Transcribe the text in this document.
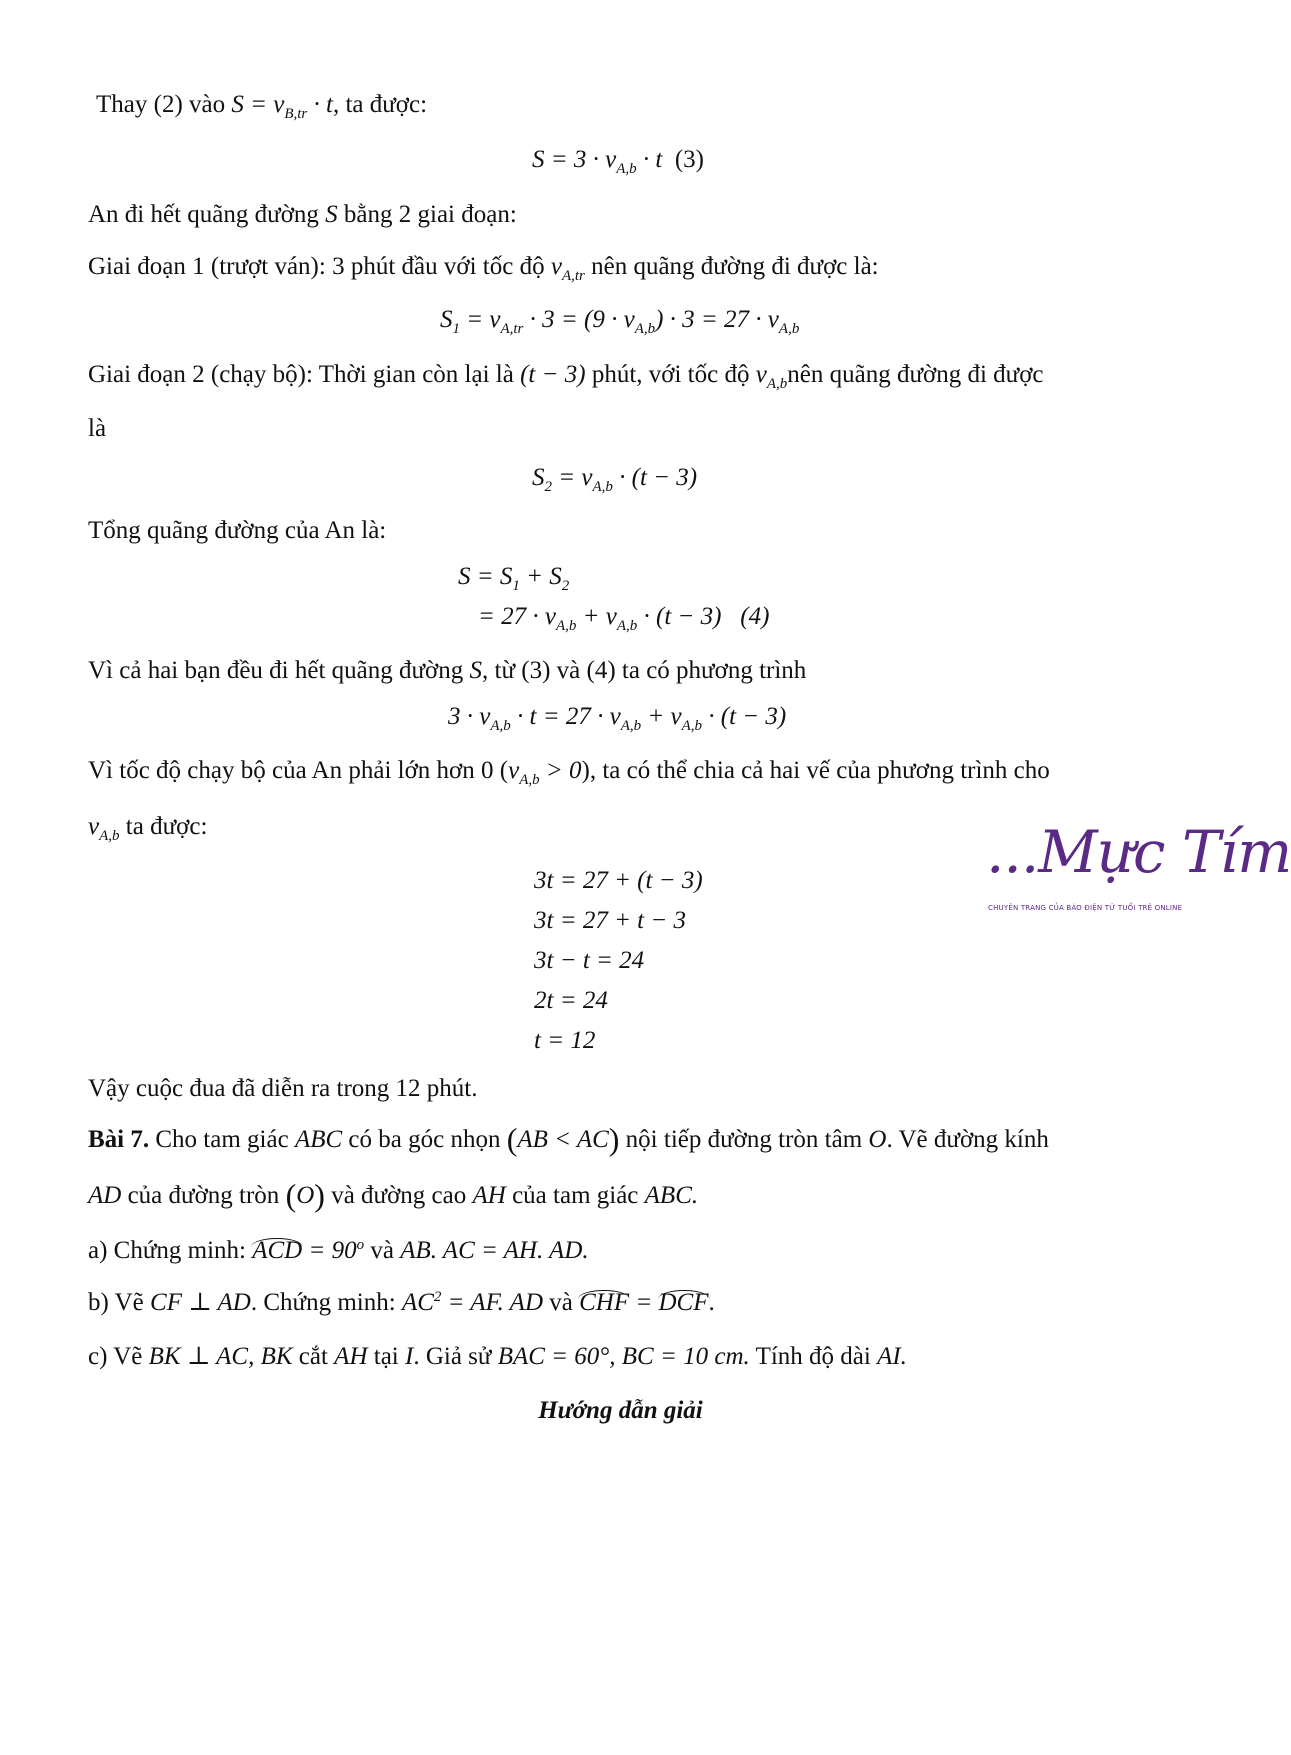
Thay (2) vào $S = v_{B,tr} \cdot t$, ta được:
$S = 3 \cdot v_{A,b} \cdot t$ (3)
An đi hết quãng đường S bằng 2 giai đoạn:
Giai đoạn 1 (trượt ván): 3 phút đầu với tốc độ $v_{A,tr}$ nên quãng đường đi được là:
$S_1 = v_{A,tr} \cdot 3 = (9 \cdot v_{A,b}) \cdot 3 = 27 \cdot v_{A,b}$
Giai đoạn 2 (chạy bộ): Thời gian còn lại là (t − 3) phút, với tốc độ $v_{A,b}nên$ quãng đường đi được
là
$S_2 = v_{A,b} \cdot (t - 3)$
Tổng quãng đường của An là:
$S = S_1 + S_2$
= $27 \cdot v_{A,b} + v_{A,b} \cdot (t - 3)$ (4)
Vì cả hai bạn đều đi hết quãng đường S, từ (3) và (4) ta có phương trình
$3 \cdot v_{A,b} \cdot t = 27 \cdot v_{A,b} + v_{A,b} \cdot (t - 3)$
Vì tốc độ chạy bộ của An phải lớn hơn 0 $(v_{A,b} > 0)$, ta có thể chia cả hai vế của phương trình cho
$v_{A,b}$ ta được:
3t = 27 + (t − 3)
3t = 27 + t − 3
3t − t = 24
2t = 24
t = 12
Vậy cuộc đua đã diễn ra trong 12 phút.
Bài 7. Cho tam giác ABC có ba góc nhọn (AB < AC) nội tiếp đường tròn tâm O. Vẽ đường kính
AD của đường tròn (O) và đường cao AH của tam giác ABC.
a) Chứng minh: ACD = $90^o$ và AB. AC = AH. AD.
b) Vẽ CF ⊥ AD. Chứng minh: $AC^2$ = AF. AD và CHF = DCF.
c) Vẽ BK ⊥ AC, BK cắt AH tại I. Giả sử BAC = 60°, BC = 10 cm. Tính độ dài AI.
Hướng dẫn giải
...Mực Tím
CHUYÊN TRANG CỦA BÁO ĐIỆN TỬ TUỔI TRẺ ONLINE
